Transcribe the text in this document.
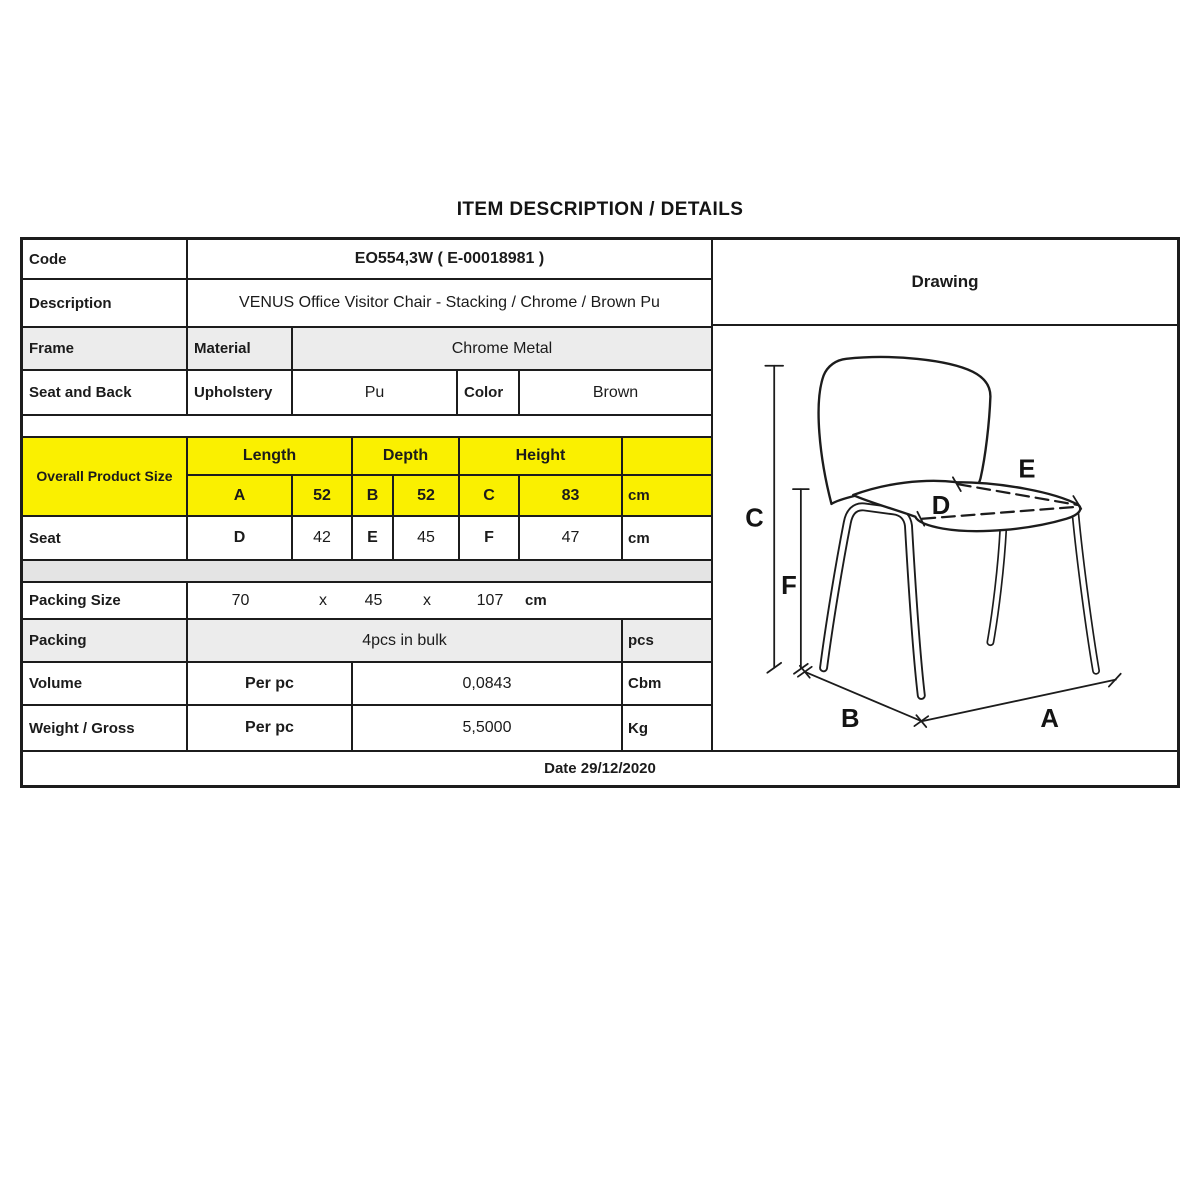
ITEM DESCRIPTION / DETAILS
Code	EO554,3W ( E-00018981 )
Description	VENUS Office Visitor Chair - Stacking / Chrome / Brown Pu
Frame	Material	Chrome Metal
Seat and Back	Upholstery	Pu	Color	Brown
Overall Product Size
Length	Depth	Height
A	52	B	52	C	83	cm
Seat	D	42	E	45	F	47	cm
Packing Size	70	x	45	x	107	cm
Packing	4pcs in bulk	pcs
Volume	Per pc	0,0843	Cbm
Weight / Gross	Per pc	5,5000	Kg
Drawing
C
F
E
D
B	A
Date 29/12/2020
